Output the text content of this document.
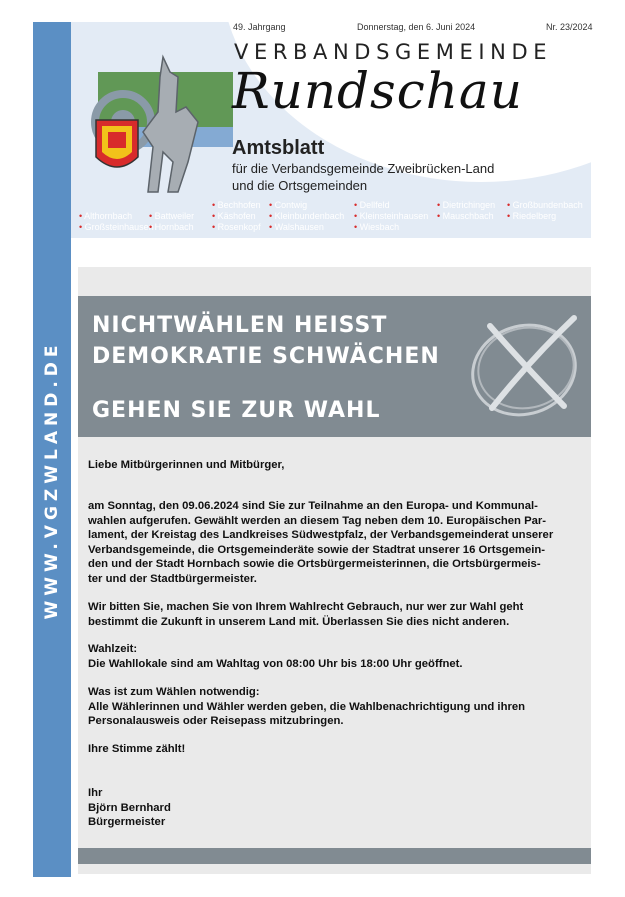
WWW.VGZWLAND.DE
49. Jahrgang	Donnerstag, den 6. Juni 2024	Nr. 23/2024
VERBANDSGEMEINDE
Rundschau
Amtsblatt
für die Verbandsgemeinde Zweibrücken-Land
und die Ortsgemeinden
• Althornbach
• Großsteinhausen
• Battweiler
• Hornbach
• Bechhofen
• Käshofen
• Rosenkopf
• Contwig
• Kleinbundenbach
• Walshausen
• Dellfeld
• Kleinsteinhausen
• Wiesbach
• Dietrichingen
• Mauschbach
• Großbundenbach
• Riedelberg
NICHTWÄHLEN HEISST
DEMOKRATIE SCHWÄCHEN
GEHEN SIE ZUR WAHL
Liebe Mitbürgerinnen und Mitbürger,

am Sonntag, den 09.06.2024 sind Sie zur Teilnahme an den Europa- und Kommunal-

wahlen aufgerufen. Gewählt werden an diesem Tag neben dem 10. Europäischen Par-

lament, der Kreistag des Landkreises Südwestpfalz, der Verbandsgemeinderat unserer

Verbandsgemeinde, die Ortsgemeinderäte sowie der Stadtrat unserer 16 Ortsgemein-

den und der Stadt Hornbach sowie die Ortsbürgermeisterinnen, die Ortsbürgermeis-

ter und der Stadtbürgermeister.

Wir bitten Sie, machen Sie von Ihrem Wahlrecht Gebrauch, nur wer zur Wahl geht

bestimmt die Zukunft in unserem Land mit. Überlassen Sie dies nicht anderen.

Wahlzeit:

Die Wahllokale sind am Wahltag von 08:00 Uhr bis 18:00 Uhr geöffnet.

Was ist zum Wählen notwendig:

Alle Wählerinnen und Wähler werden geben, die Wahlbenachrichtigung und ihren

Personalausweis oder Reisepass mitzubringen.

Ihre Stimme zählt!

Ihr

Björn Bernhard

Bürgermeister
